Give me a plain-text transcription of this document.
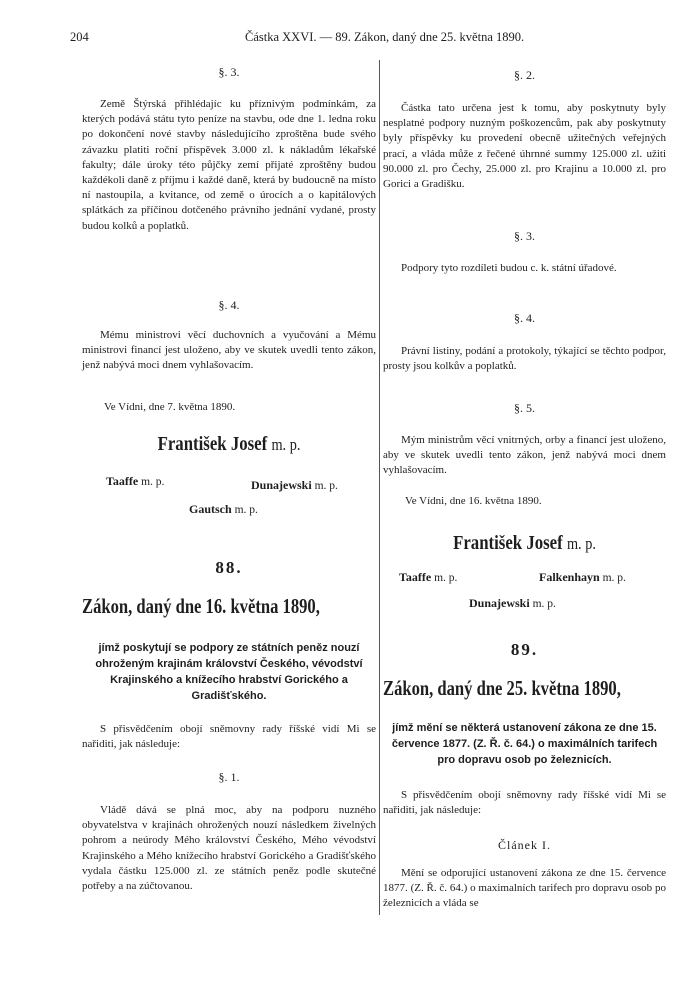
204	Částka XXVI. — 89. Zákon, daný dne 25. května 1890.
§. 3.

Země Štýrská přihlédajíc ku příznivým podmínkám, za kterých podává státu tyto peníze na stavbu, ode dne 1. ledna roku po dokončení nové stavby následujícího zproštěna bude svého závazku platiti roční příspěvek 3.000 zl. k nákladům lékařské fakulty; dále úroky této půjčky zemí přijaté zproštěny budou každékoli daně z příjmu i každé daně, která by budoucně na místo ní nastoupila, a kvitance, od země o úrocích a o kapitálových splátkách za příčinou dotčeného právního jednání vydané, prosty budou kolků a poplatků.

§. 4.

Mému ministrovi věcí duchovních a vyučování a Mému ministrovi financí jest uloženo, aby ve skutek uvedli tento zákon, jenž nabývá moci dnem vyhlašovacím.

Ve Vídni, dne 7. května 1890.
František Josef m. p.
Taaffe m. p.	Dunajewski m. p.
Gautsch m. p.
88.
Zákon, daný dne 16. května 1890,

jímž poskytují se podpory ze státních peněz nouzí ohroženým krajinám království Českého, vévodství Krajinského a knížecího hrabství Gorického a Gradišťského.

S přisvědčením obojí sněmovny rady říšské vidí Mi se nařiditi, jak následuje:

§. 1.

Vládě dává se plná moc, aby na podporu nuzného obyvatelstva v krajinách ohrožených nouzí následkem živelných pohrom a neúrody Mého království Českého, Mého vévodství Krajinského a Mého knížecího hrabství Gorického a Gradišťského vydala částku 125.000 zl. ze státních peněz podle skutečné potřeby a na zúčtovanou.

§. 2.

Částka tato určena jest k tomu, aby poskytnuty byly nesplatné podpory nuzným poškozencům, pak aby poskytnuty byly příspěvky ku provedení obecně užitečných veřejných prací, a vláda může z řečené úhrnné summy 125.000 zl. užiti 90.000 zl. pro Čechy, 25.000 zl. pro Krajinu a 10.000 zl. pro Gorici a Gradišku.

§. 3.

Podpory tyto rozdíleti budou c. k. státní úřadové.

§. 4.

Právní listiny, podání a protokoly, týkající se těchto podpor, prosty jsou kolkův a poplatků.

§. 5.

Mým ministrům věcí vnitrných, orby a financí jest uloženo, aby ve skutek uvedli tento zákon, jenž nabývá moci dnem vyhlašovacím.

Ve Vídni, dne 16. května 1890.
František Josef m. p.
Taaffe m. p.	Falkenhayn m. p.
Dunajewski m. p.
89.
Zákon, daný dne 25. května 1890,

jímž mění se některá ustanovení zákona ze dne 15. července 1877. (Z. Ř. č. 64.) o maximálních tarifech pro dopravu osob po železnicích.

S přisvědčením obojí sněmovny rady říšské vidí Mi se nařiditi, jak následuje:

Článek I.

Mění se odporující ustanovení zákona ze dne 15. července 1877. (Z. Ř. č. 64.) o maximalních tarifech pro dopravu osob po železnicích a vláda se
